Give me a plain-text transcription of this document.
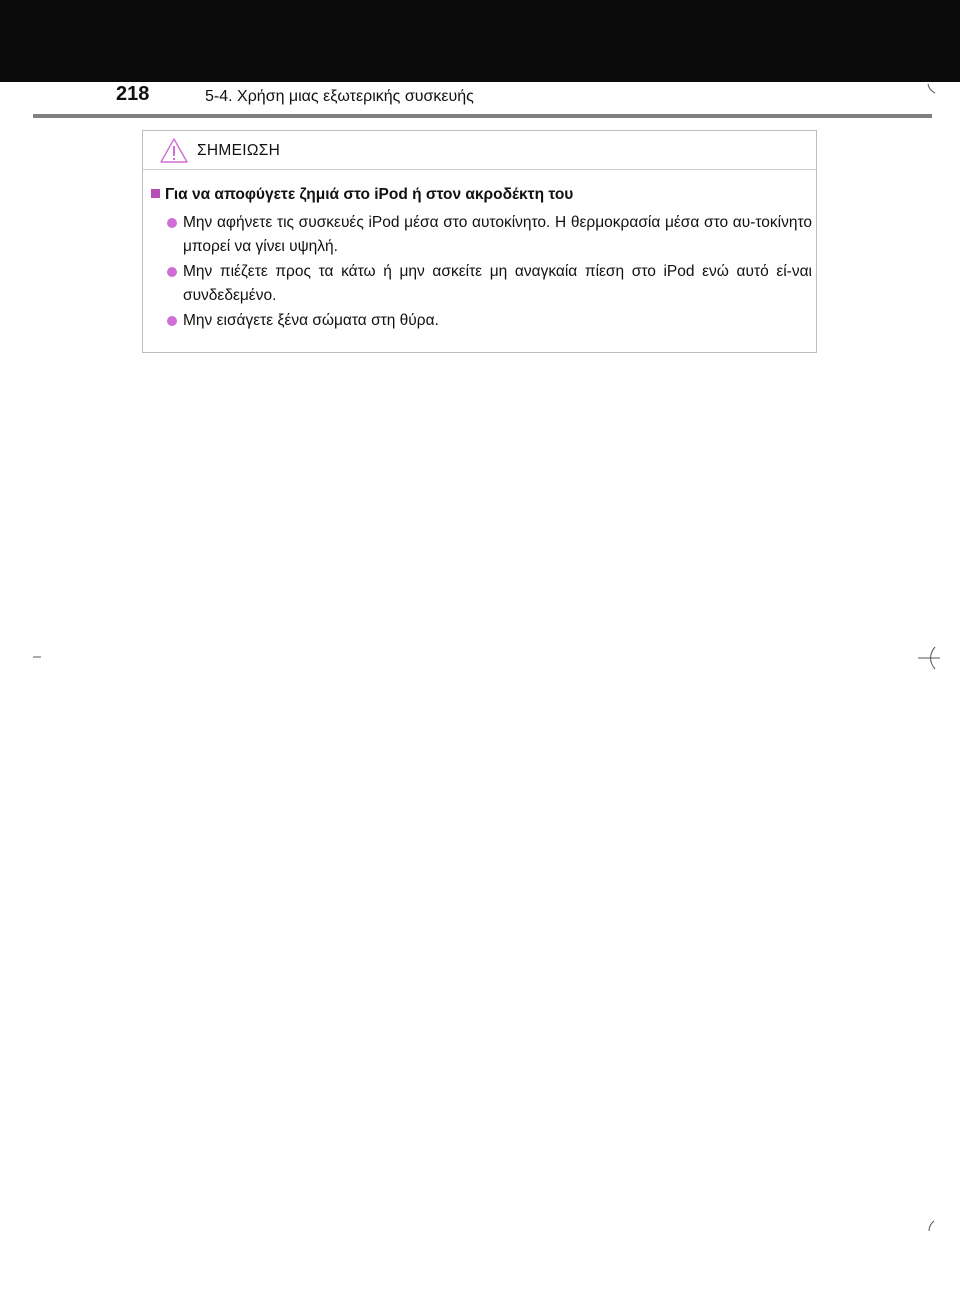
218	5-4. Χρήση μιας εξωτερικής συσκευής
ΣΗΜΕΙΩΣΗ
Για να αποφύγετε ζημιά στο iPod ή στον ακροδέκτη του
Μην αφήνετε τις συσκευές iPod μέσα στο αυτοκίνητο. Η θερμοκρασία μέσα στο αυ-τοκίνητο μπορεί να γίνει υψηλή.
Μην πιέζετε προς τα κάτω ή μην ασκείτε μη αναγκαία πίεση στο iPod ενώ αυτό εί-ναι συνδεδεμένο.
Μην εισάγετε ξένα σώματα στη θύρα.
